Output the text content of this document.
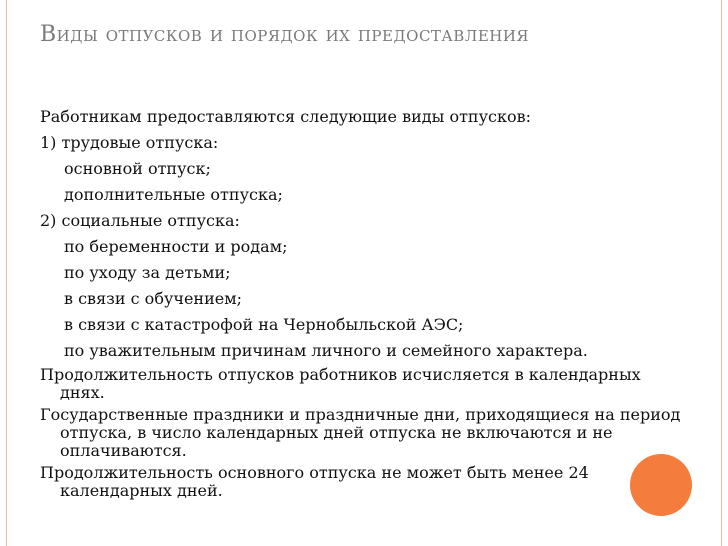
Виды отпусков и порядок их предоставления

Работникам предоставляются следующие виды отпусков:

1) трудовые отпуска:

основной отпуск;

дополнительные отпуска;

2) социальные отпуска:

по беременности и родам;

по уходу за детьми;

в связи с обучением;

в связи с катастрофой на Чернобыльской АЭС;

по уважительным причинам личного и семейного характера.

Продолжительность отпусков работников исчисляется в календарных днях.

Государственные праздники и праздничные дни, приходящиеся на период отпуска, в число календарных дней отпуска не включаются и не оплачиваются.

Продолжительность основного отпуска не может быть менее 24 календарных дней.
